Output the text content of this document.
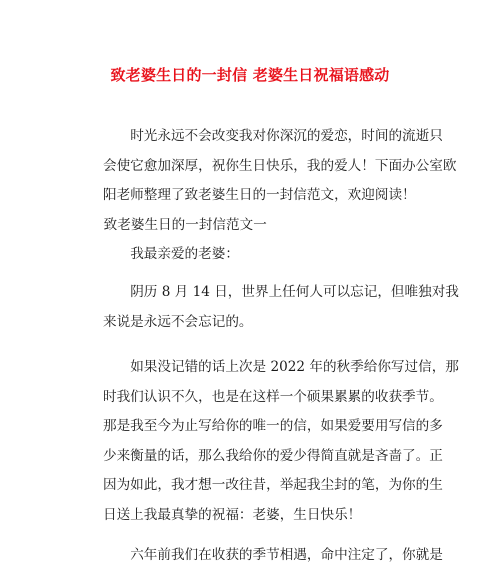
致老婆生日的一封信 老婆生日祝福语感动
时光永远不会改变我对你深沉的爱恋，时间的流逝只
会使它愈加深厚，祝你生日快乐，我的爱人！下面办公室欧
阳老师整理了致老婆生日的一封信范文，欢迎阅读！
致老婆生日的一封信范文一
我最亲爱的老婆：
阴历 8 月 14 日，世界上任何人可以忘记，但唯独对我
来说是永远不会忘记的。
如果没记错的话上次是 2022 年的秋季给你写过信，那
时我们认识不久，也是在这样一个硕果累累的收获季节。
那是我至今为止写给你的唯一的信，如果爱要用写信的多
少来衡量的话，那么我给你的爱少得简直就是吝啬了。正
因为如此，我才想一改往昔，举起我尘封的笔，为你的生
日送上我最真挚的祝福：老婆，生日快乐！
六年前我们在收获的季节相遇，命中注定了，你就是
